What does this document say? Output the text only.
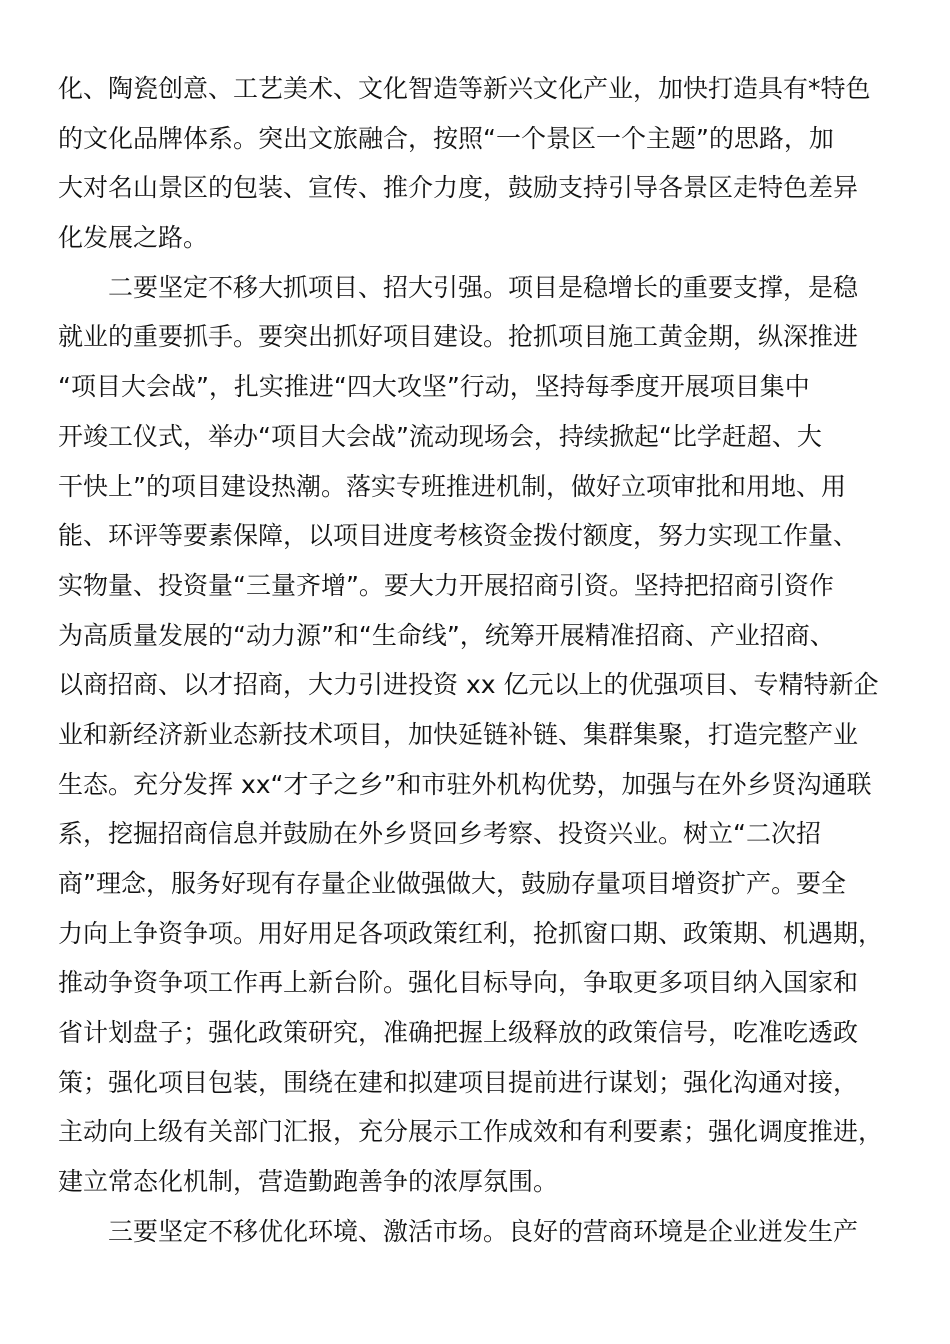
化、陶瓷创意、工艺美术、文化智造等新兴文化产业，加快打造具有*特色
的文化品牌体系。突出文旅融合，按照“一个景区一个主题”的思路，加
大对名山景区的包装、宣传、推介力度，鼓励支持引导各景区走特色差异
化发展之路。
二要坚定不移大抓项目、招大引强。项目是稳增长的重要支撑，是稳
就业的重要抓手。要突出抓好项目建设。抢抓项目施工黄金期，纵深推进
“项目大会战”，扎实推进“四大攻坚”行动，坚持每季度开展项目集中
开竣工仪式，举办“项目大会战”流动现场会，持续掀起“比学赶超、大
干快上”的项目建设热潮。落实专班推进机制，做好立项审批和用地、用
能、环评等要素保障，以项目进度考核资金拨付额度，努力实现工作量、
实物量、投资量“三量齐增”。要大力开展招商引资。坚持把招商引资作
为高质量发展的“动力源”和“生命线”，统筹开展精准招商、产业招商、
以商招商、以才招商，大力引进投资 xx 亿元以上的优强项目、专精特新企
业和新经济新业态新技术项目，加快延链补链、集群集聚，打造完整产业
生态。充分发挥 xx“才子之乡”和市驻外机构优势，加强与在外乡贤沟通联
系，挖掘招商信息并鼓励在外乡贤回乡考察、投资兴业。树立“二次招
商”理念，服务好现有存量企业做强做大，鼓励存量项目增资扩产。要全
力向上争资争项。用好用足各项政策红利，抢抓窗口期、政策期、机遇期，
推动争资争项工作再上新台阶。强化目标导向，争取更多项目纳入国家和
省计划盘子；强化政策研究，准确把握上级释放的政策信号，吃准吃透政
策；强化项目包装，围绕在建和拟建项目提前进行谋划；强化沟通对接，
主动向上级有关部门汇报，充分展示工作成效和有利要素；强化调度推进，
建立常态化机制，营造勤跑善争的浓厚氛围。
三要坚定不移优化环境、激活市场。良好的营商环境是企业迸发生产
